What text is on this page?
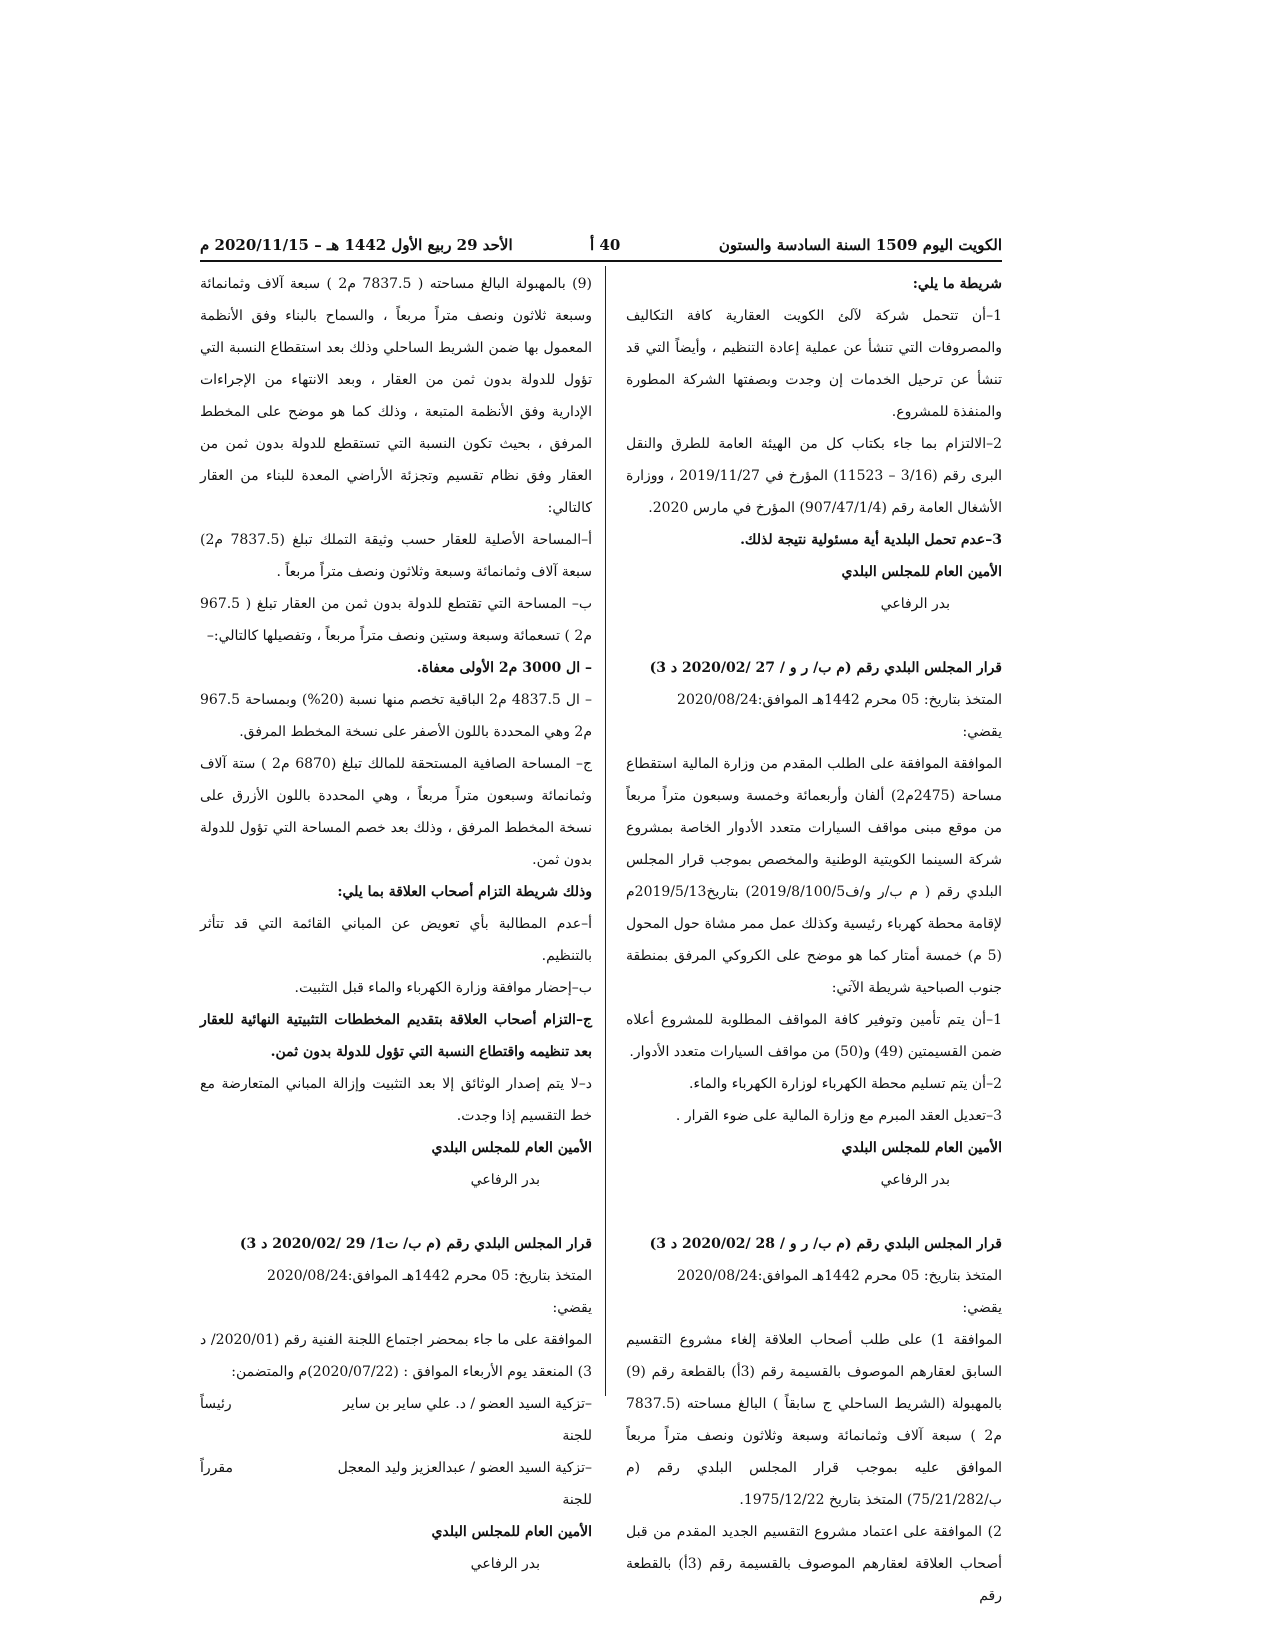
الكويت اليوم 1509 السنة السادسة والستون
40 أ
الأحد 29 ربيع الأول 1442 هـ – 2020/11/15 م

شريطة ما يلي:

1–أن تتحمل شركة لآلئ الكويت العقارية كافة التكاليف والمصروفات التي تنشأ عن عملية إعادة التنظيم ، وأيضاً التي قد تنشأ عن ترحيل الخدمات إن وجدت وبصفتها الشركة المطورة والمنفذة للمشروع.

2–الالتزام بما جاء بكتاب كل من الهيئة العامة للطرق والنقل البرى رقم (3/16 – 11523) المؤرخ في 2019/11/27 ، ووزارة الأشغال العامة رقم (907/47/1/4) المؤرخ في مارس 2020.

3–عدم تحمل البلدية أية مسئولية نتيجة لذلك.

الأمين العام للمجلس البلدي

بدر الرفاعي

قرار المجلس البلدي رقم (م ب/ ر و / 27 /2020/02 د 3)

المتخذ بتاريخ: 05 محرم 1442هـ الموافق:2020/08/24

يقضي:

الموافقة الموافقة على الطلب المقدم من وزارة المالية استقطاع مساحة (2475م2) ألفان وأربعمائة وخمسة وسبعون متراً مربعاً من موقع مبنى مواقف السيارات متعدد الأدوار الخاصة بمشروع شركة السينما الكويتية الوطنية والمخصص بموجب قرار المجلس البلدي رقم ( م ب/ر و/ف2019/8/100/5) بتاريخ2019/5/13م لإقامة محطة كهرباء رئيسية وكذلك عمل ممر مشاة حول المحول (5 م) خمسة أمتار كما هو موضح على الكروكي المرفق بمنطقة جنوب الصباحية شريطة الآتي:

1–أن يتم تأمين وتوفير كافة المواقف المطلوبة للمشروع أعلاه ضمن القسيمتين (49) و(50) من مواقف السيارات متعدد الأدوار.

2–أن يتم تسليم محطة الكهرباء لوزارة الكهرباء والماء.

3–تعديل العقد المبرم مع وزارة المالية على ضوء القرار .

الأمين العام للمجلس البلدي

بدر الرفاعي

قرار المجلس البلدي رقم (م ب/ ر و / 28 /2020/02 د 3)

المتخذ بتاريخ: 05 محرم 1442هـ الموافق:2020/08/24

يقضي:

الموافقة 1) على طلب أصحاب العلاقة إلغاء مشروع التقسيم السابق لعقارهم الموصوف بالقسيمة رقم (3أ) بالقطعة رقم (9) بالمهبولة (الشريط الساحلي ج سابقاً ) البالغ مساحته (7837.5 م2 ) سبعة آلاف وثمانمائة وسبعة وثلاثون ونصف متراً مربعاً الموافق عليه بموجب قرار المجلس البلدي رقم (م ب/75/21/282) المتخذ بتاريخ 1975/12/22.

2) الموافقة على اعتماد مشروع التقسيم الجديد المقدم من قبل أصحاب العلاقة لعقارهم الموصوف بالقسيمة رقم (3أ) بالقطعة رقم

(9) بالمهبولة البالغ مساحته ( 7837.5 م2 ) سبعة آلاف وثمانمائة وسبعة ثلاثون ونصف متراً مربعاً ، والسماح بالبناء وفق الأنظمة المعمول بها ضمن الشريط الساحلي وذلك بعد استقطاع النسبة التي تؤول للدولة بدون ثمن من العقار ، وبعد الانتهاء من الإجراءات الإدارية وفق الأنظمة المتبعة ، وذلك كما هو موضح على المخطط المرفق ، بحيث تكون النسبة التي تستقطع للدولة بدون ثمن من العقار وفق نظام تقسيم وتجزئة الأراضي المعدة للبناء من العقار كالتالي:

أ–المساحة الأصلية للعقار حسب وثيقة التملك تبلغ (7837.5 م2) سبعة آلاف وثمانمائة وسبعة وثلاثون ونصف متراً مربعاً .

ب– المساحة التي تقتطع للدولة بدون ثمن من العقار تبلغ ( 967.5 م2 ) تسعمائة وسبعة وستين ونصف متراً مربعاً ، وتفصيلها كالتالي:–

– ال 3000 م2 الأولى معفاة.

– ال 4837.5 م2 الباقية تخصم منها نسبة (20%) وبمساحة 967.5 م2 وهي المحددة باللون الأصفر على نسخة المخطط المرفق.

ج– المساحة الصافية المستحقة للمالك تبلغ (6870 م2 ) ستة آلاف وثمانمائة وسبعون متراً مربعاً ، وهي المحددة باللون الأزرق على نسخة المخطط المرفق ، وذلك بعد خصم المساحة التي تؤول للدولة بدون ثمن.

وذلك شريطة التزام أصحاب العلاقة بما يلي:

أ–عدم المطالبة بأي تعويض عن المباني القائمة التي قد تتأثر بالتنظيم.

ب–إحضار موافقة وزارة الكهرباء والماء قبل التثبيت.

ج–التزام أصحاب العلاقة بتقديم المخططات التثبيتية النهائية للعقار بعد تنظيمه واقتطاع النسبة التي تؤول للدولة بدون ثمن.

د–لا يتم إصدار الوثائق إلا بعد التثبيت وإزالة المباني المتعارضة مع خط التقسيم إذا وجدت.

الأمين العام للمجلس البلدي

بدر الرفاعي

قرار المجلس البلدي رقم (م ب/ ت1/ 29 /2020/02 د 3)

المتخذ بتاريخ: 05 محرم 1442هـ الموافق:2020/08/24

يقضي:

الموافقة على ما جاء بمحضر اجتماع اللجنة الفنية رقم (2020/01/ د 3) المنعقد يوم الأربعاء الموافق : (2020/07/22)م والمتضمن:

–تزكية السيد العضو / د. علي ساير بن ساير
رئيساً

للجنة

–تزكية السيد العضو / عبدالعزيز وليد المعجل
مقرراً

للجنة

الأمين العام للمجلس البلدي

بدر الرفاعي
